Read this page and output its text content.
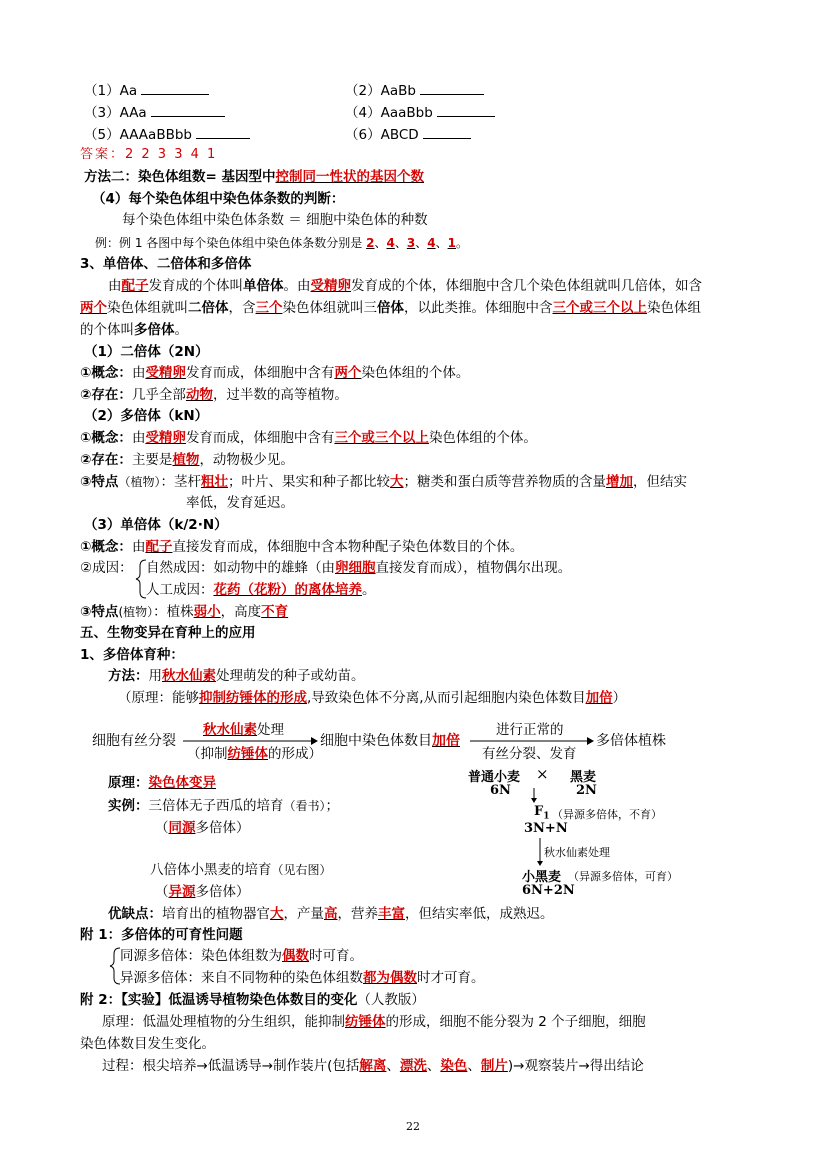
（1）Aa	（2）AaBb
（3）AAa	（4）AaaBbb
（5）AAAaBBbb	（6）ABCD
答案：2 2 3 3 4 1
方法二：染色体组数= 基因型中控制同一性状的基因个数
（4）每个染色体组中染色体条数的判断：
每个染色体组中染色体条数 ＝ 细胞中染色体的种数
例：例 1 各图中每个染色体组中染色体条数分别是 2、4、3、4、1。
3、单倍体、二倍体和多倍体
由配子发育成的个体叫单倍体。由受精卵发育成的个体，体细胞中含几个染色体组就叫几倍体，如含
两个染色体组就叫二倍体，含三个染色体组就叫三倍体，以此类推。体细胞中含三个或三个以上染色体组
的个体叫多倍体。
（1）二倍体（2N）
①概念：由受精卵发育而成，体细胞中含有两个染色体组的个体。
②存在：几乎全部动物，过半数的高等植物。
（2）多倍体（kN）
①概念：由受精卵发育而成，体细胞中含有三个或三个以上染色体组的个体。
②存在：主要是植物，动物极少见。
③特点（植物）：茎杆粗壮；叶片、果实和种子都比较大；糖类和蛋白质等营养物质的含量增加，但结实
率低，发育延迟。
（3）单倍体（k/2·N）
①概念：由配子直接发育而成，体细胞中含本物种配子染色体数目的个体。
②成因： 自然成因：如动物中的雄蜂（由卵细胞直接发育而成），植物偶尔出现。
人工成因：花药（花粉）的离体培养。
③特点(植物）：植株弱小，高度不育
五、生物变异在育种上的应用
1、多倍体育种：
方法：用秋水仙素处理萌发的种子或幼苗。
（原理：能够抑制纺锤体的形成,导致染色体不分离,从而引起细胞内染色体数目加倍）
细胞有丝分裂
秋水仙素处理
（抑制纺锤体的形成）
细胞中染色体数目加倍
进行正常的
有丝分裂、发育
多倍体植株
原理：染色体变异
实例：三倍体无子西瓜的培育（看书）；
（同源多倍体）
八倍体小黑麦的培育（见右图）
（异源多倍体）
优缺点：培育出的植物器官大，产量高，营养丰富，但结实率低，成熟迟。
普通小麦
6N
× 黑麦
2N
$F_1$ （异源多倍体，不育）
3N+N
秋水仙素处理
小黑麦 （异源多倍体，可育）
6N+2N
附 1：多倍体的可育性问题
同源多倍体：染色体组数为偶数时可育。
异源多倍体：来自不同物种的染色体组数都为偶数时才可育。
附 2：【实验】低温诱导植物染色体数目的变化（人教版）
原理：低温处理植物的分生组织，能抑制纺锤体的形成，细胞不能分裂为 2 个子细胞，细胞
染色体数目发生变化。
过程：根尖培养→低温诱导→制作装片(包括解离、漂洗、染色、制片)→观察装片→得出结论
22
